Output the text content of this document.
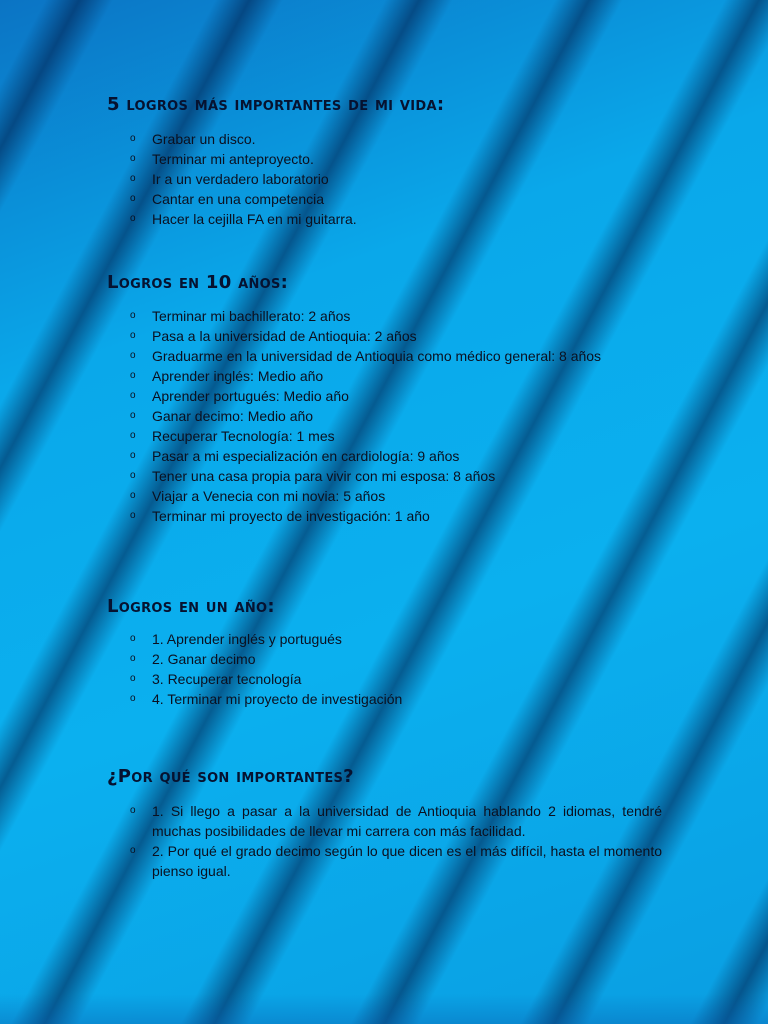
5 logros más importantes de mi vida:
o Grabar un disco.
o Terminar mi anteproyecto.
o Ir a un verdadero laboratorio
o Cantar en una competencia
o Hacer la cejilla FA en mi guitarra.
Logros en 10 años:
o Terminar mi bachillerato: 2 años
o Pasa a la universidad de Antioquia: 2 años
o Graduarme en la universidad de Antioquia como médico general: 8 años
o Aprender inglés: Medio año
o Aprender portugués: Medio año
o Ganar decimo: Medio año
o Recuperar Tecnología: 1 mes
o Pasar a mi especialización en cardiología: 9 años
o Tener una casa propia para vivir con mi esposa: 8 años
o Viajar a Venecia con mi novia: 5 años
o Terminar mi proyecto de investigación: 1 año
Logros en un año:
o 1. Aprender inglés y portugués
o 2. Ganar decimo
o 3. Recuperar tecnología
o 4. Terminar mi proyecto de investigación
¿Por qué son importantes?
o 1. Si llego a pasar a la universidad de Antioquia hablando 2 idiomas, tendré muchas posibilidades de llevar mi carrera con más facilidad.
o 2. Por qué el grado decimo según lo que dicen es el más difícil, hasta el momento pienso igual.
